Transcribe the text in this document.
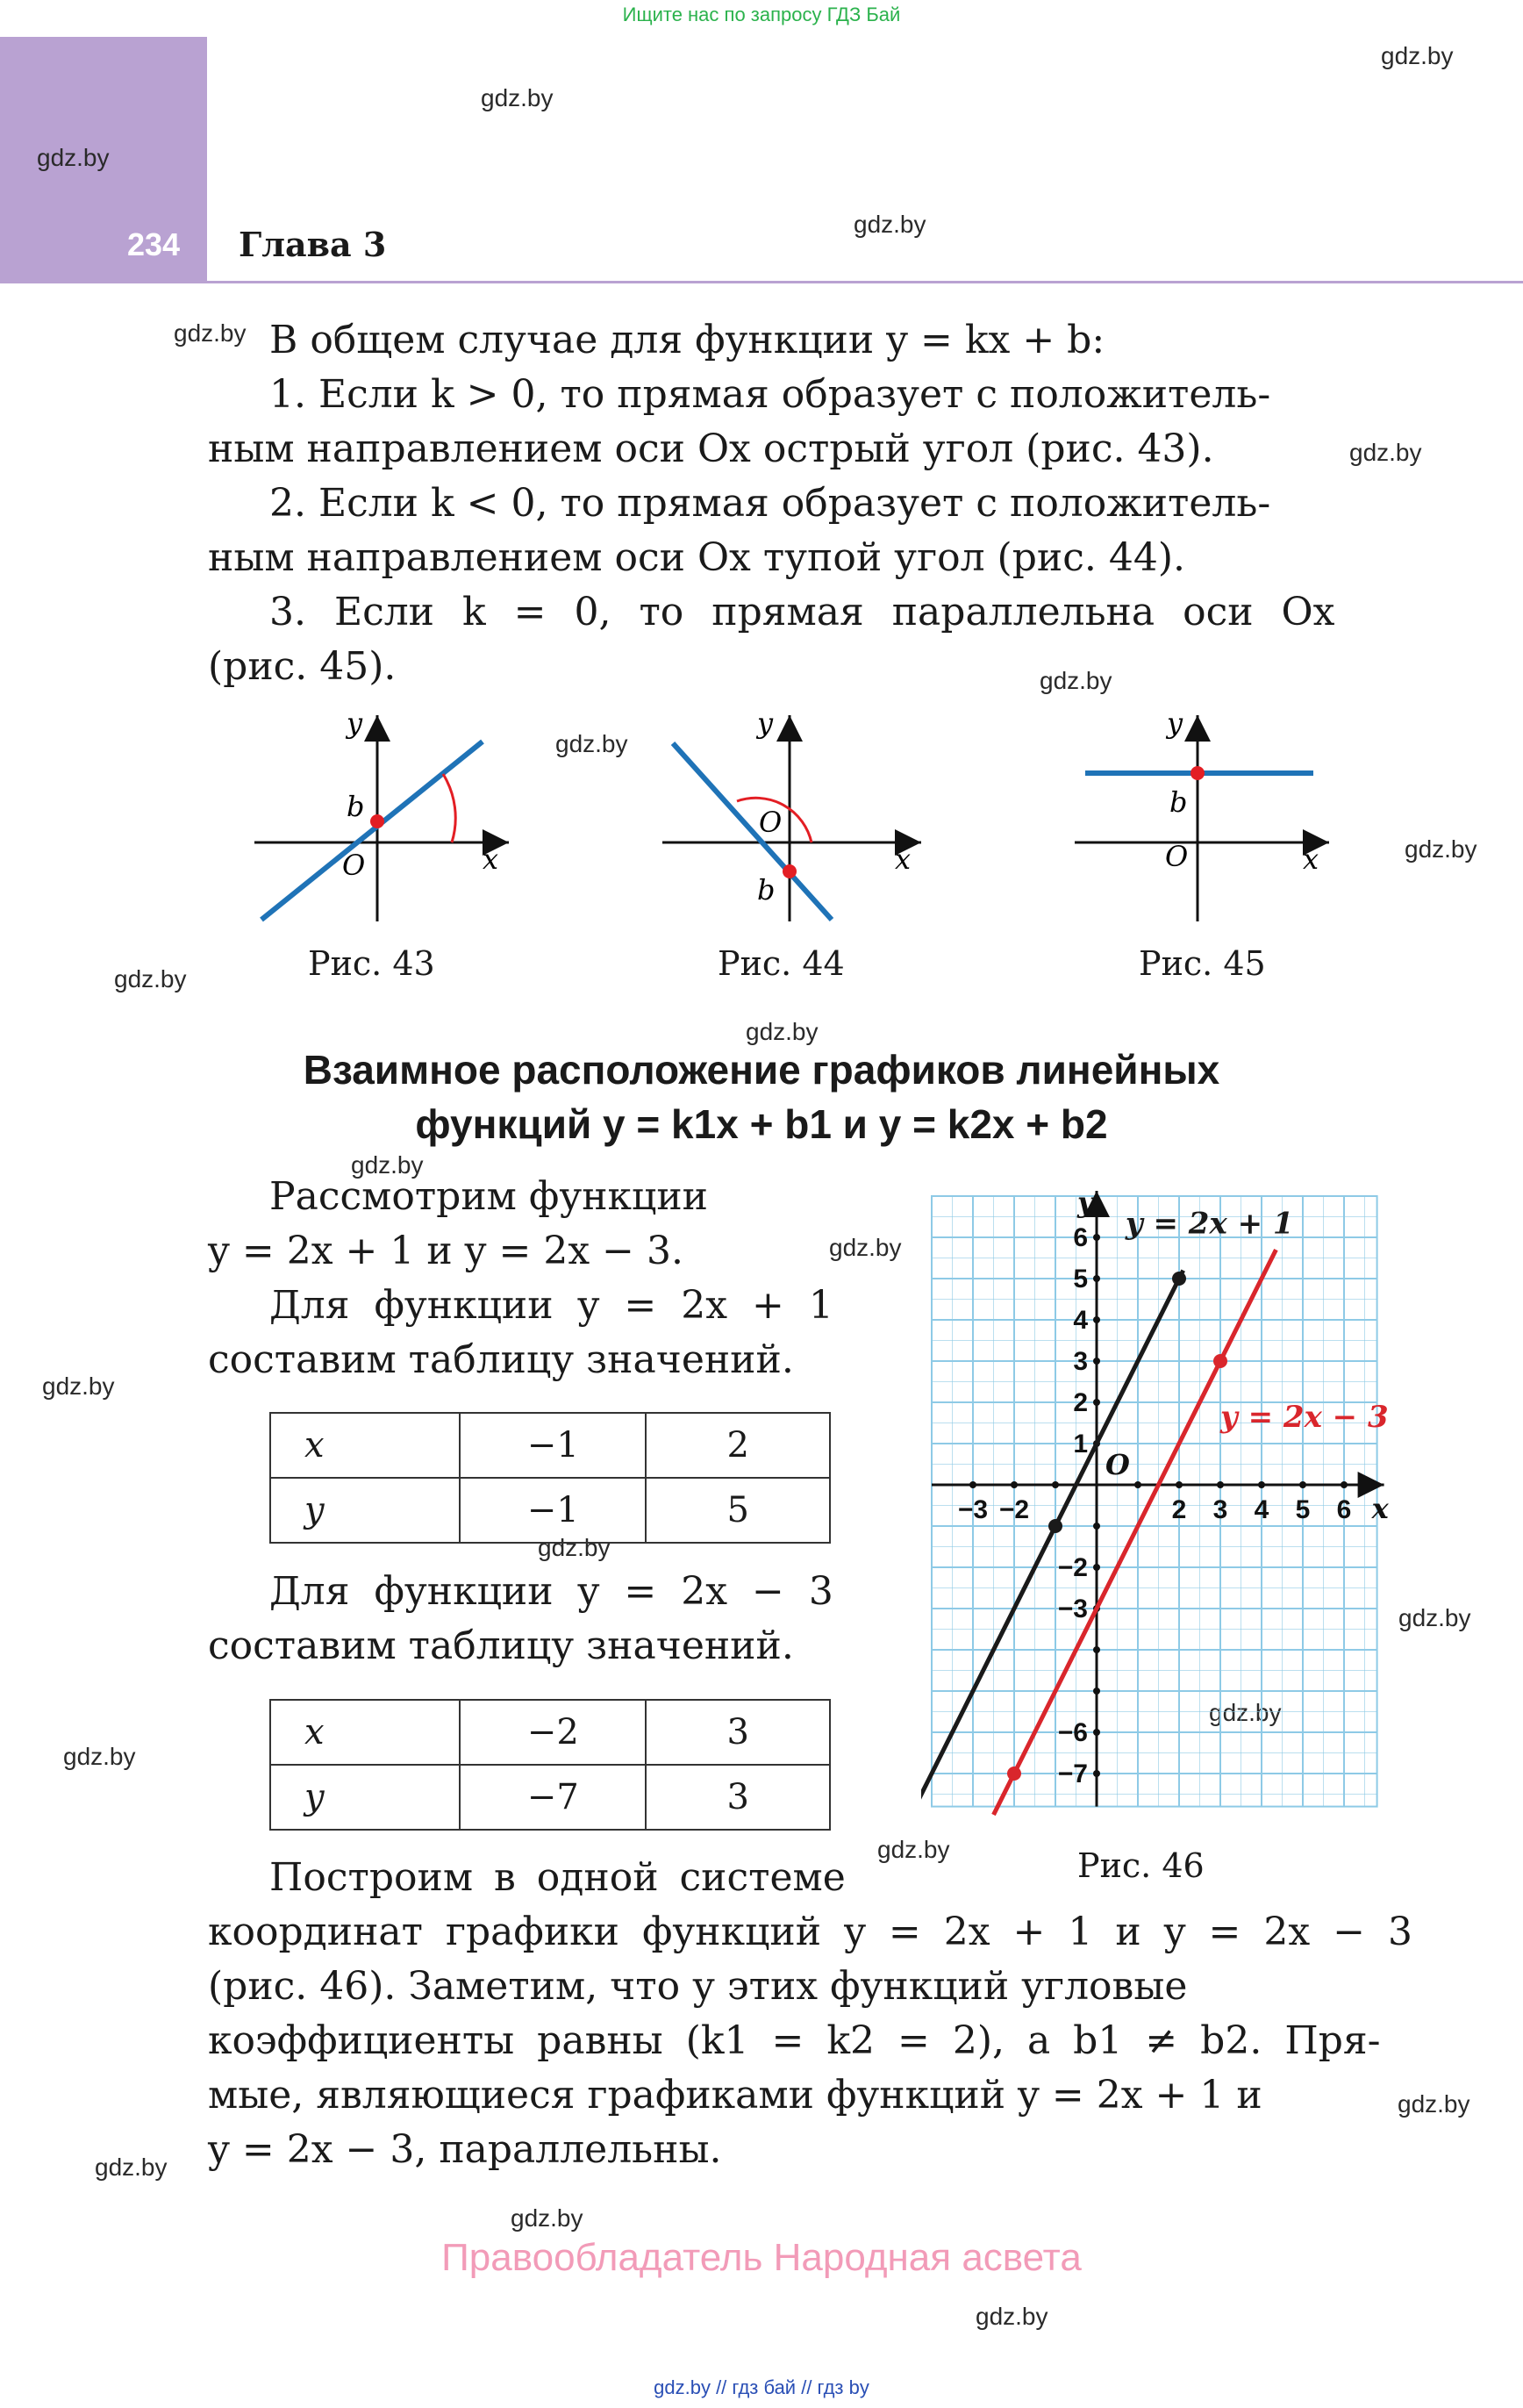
Ищите нас по запросу ГДЗ Бай
234 Глава 3
gdz.by
gdz.by
gdz.by
gdz.by
gdz.by
gdz.by
gdz.by
gdz.by
gdz.by
gdz.by
gdz.by
gdz.by
gdz.by
gdz.by
gdz.by
gdz.by
gdz.by
gdz.by
gdz.by
gdz.by
gdz.by
gdz.by
gdz.by
В общем случае для функции y = kx + b:
1. Если k > 0, то прямая образует с положитель-
ным направлением оси Ox острый угол (рис. 43).
2. Если k < 0, то прямая образует с положитель-
ным направлением оси Ox тупой угол (рис. 44).
3. Если k = 0, то прямая параллельна оси Ox
(рис. 45).
y
x
O
b
Рис. 43
y
x
O
b
Рис. 44
y
x
O
b
Рис. 45
Взаимное расположение графиков линейных
функций y = k1x + b1 и y = k2x + b2
Рассмотрим функции
y = 2x + 1 и y = 2x − 3.
Для функции y = 2x + 1
составим таблицу значений.
x	−1	2
y	−1	5
Для функции y = 2x − 3
составим таблицу значений.
x	−2	3
y	−7	3
−3 −2	2 3 4 5 6
6
5
4
3
2
1
−2
−3
−6
−7
x
y
O
y = 2x + 1
y = 2x − 3
Рис. 46
Построим в одной системе
координат графики функций y = 2x + 1 и y = 2x − 3
(рис. 46). Заметим, что у этих функций угловые
коэффициенты равны (k1 = k2 = 2), а b1 ≠ b2. Пря-
мые, являющиеся графиками функций y = 2x + 1 и
y = 2x − 3, параллельны.
Правообладатель Народная асвета
gdz.by // гдз бай // гдз by
